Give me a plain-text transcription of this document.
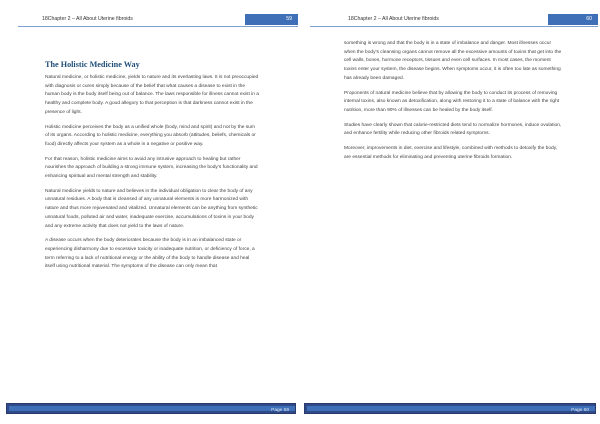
18Chapter 2 – All About Uterine fibroids	59
The Holistic Medicine Way

Natural medicine, or holistic medicine, yields to nature and its everlasting laws. It is not preoccupied with diagnosis or cures simply because of the belief that what causes a disease to exist in the human body is the body itself being out of balance. The laws responsible for illness cannot exist in a healthy and complete body. A good allegory to that perception is that darkness cannot exist in the presence of light.

Holistic medicine perceives the body as a unified whole (body, mind and spirit) and not by the sum of its organs. According to holistic medicine, everything you absorb (attitudes, beliefs, chemicals or food) directly affects your system as a whole in a negative or positive way.

For that reason, holistic medicine aims to avoid any intrusive approach to healing but rather nourishes the approach of building a strong immune system, increasing the body’s functionality and enhancing spiritual and mental strength and stability.

Natural medicine yields to nature and believes in the individual obligation to clear the body of any unnatural residues. A body that is cleansed of any unnatural elements is more harmonized with nature and thus more rejuvenated and vitalized. Unnatural elements can be anything from synthetic unnatural foods, polluted air and water, inadequate exercise, accumulations of toxins in your body and any extreme activity that does not yield to the laws of nature.

A disease occurs when the body deteriorates because the body is in an imbalanced state or experiencing disharmony due to excessive toxicity or inadequate nutrition, or deficiency of force, a term referring to a lack of nutritional energy or the ability of the body to handle disease and heal itself using nutritional material. The symptoms of the disease can only mean that

Page 59
18Chapter 2 – All About Uterine fibroids	60

something is wrong and that the body is in a state of imbalance and danger. Most illnesses occur when the body’s cleansing organs cannot remove all the excessive amounts of toxins that get into the cell walls, bones, hormone receptors, tissues and even cell surfaces. In most cases, the moment toxins enter your system, the disease begins. When symptoms occur, it is often too late as something has already been damaged.

Proponents of natural medicine believe that by allowing the body to conduct its process of removing internal toxins, also known as detoxification, along with restoring it to a state of balance with the right nutrition, more than 90% of illnesses can be healed by the body itself.

Studies have clearly shown that calorie-restricted diets tend to normalize hormones, induce ovulation, and enhance fertility while reducing other fibroids related symptoms.

Moreover, improvements in diet, exercise and lifestyle, combined with methods to detoxify the body, are essential methods for eliminating and preventing uterine fibroids formation.

Page 60
